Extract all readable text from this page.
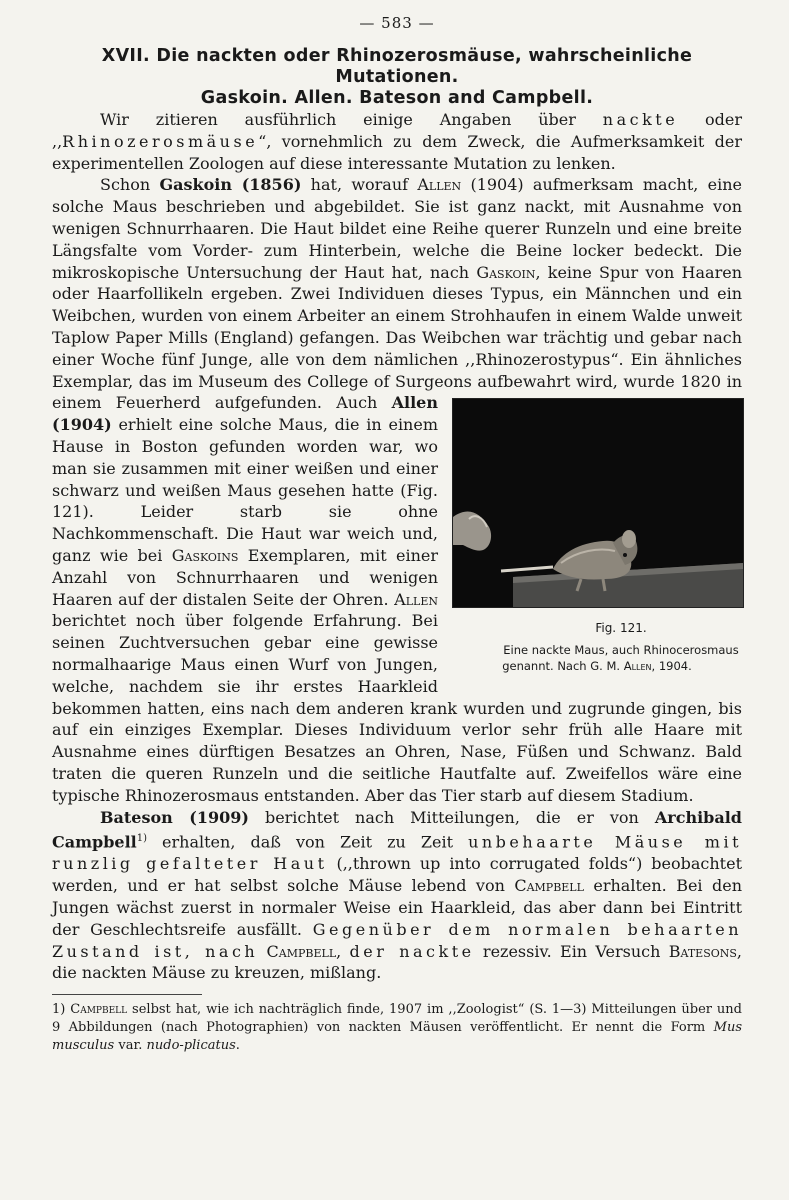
— 583 —
XVII. Die nackten oder Rhinozerosmäuse, wahrscheinliche Mutationen.
Gaskoin. Allen. Bateson and Campbell.

Wir zitieren ausführlich einige Angaben über nackte oder ,,Rhinozerosmäuse“, vornehmlich zu dem Zweck, die Aufmerksamkeit der experimentellen Zoologen auf diese interessante Mutation zu lenken.

Schon Gaskoin (1856) hat, worauf Allen (1904) aufmerksam macht, eine solche Maus beschrieben und abgebildet. Sie ist ganz nackt, mit Ausnahme von wenigen Schnurrhaaren. Die Haut bildet eine Reihe querer Runzeln und eine breite Längsfalte vom Vorder- zum Hinterbein, welche die Beine locker bedeckt. Die mikroskopische Untersuchung der Haut hat, nach Gaskoin, keine Spur von Haaren oder Haarfollikeln ergeben. Zwei Individuen dieses Typus, ein Männchen und ein Weibchen, wurden von einem Arbeiter an einem Strohhaufen in einem Walde unweit Taplow Paper Mills (England) gefangen. Das Weibchen war trächtig und gebar nach einer Woche fünf Junge, alle von dem nämlichen ,,Rhinozerostypus“. Ein ähnliches Exemplar, das im Museum des College of Surgeons aufbewahrt wird, wurde 1820 in einem Feuerherd aufgefunden. Auch
Fig. 121.
Eine nackte Maus, auch Rhinocerosmaus genannt. Nach G. M. Allen, 1904.
Allen (1904) erhielt eine solche Maus, die in einem Hause in Boston gefunden worden war, wo man sie zusammen mit einer weißen und einer schwarz und weißen Maus gesehen hatte (Fig. 121). Leider starb sie ohne Nachkommenschaft. Die Haut war weich und, ganz wie bei Gaskoins Exemplaren, mit einer Anzahl von Schnurrhaaren und wenigen Haaren auf der distalen Seite der Ohren. Allen berichtet noch über folgende Erfahrung. Bei seinen Zuchtversuchen gebar eine gewisse normalhaarige Maus einen Wurf von Jungen, welche, nachdem sie ihr erstes Haarkleid bekommen hatten, eins nach dem anderen krank wurden und zugrunde gingen, bis auf ein einziges Exemplar. Dieses Individuum verlor sehr früh alle Haare mit Ausnahme eines dürftigen Besatzes an Ohren, Nase, Füßen und Schwanz. Bald traten die queren Runzeln und die seitliche Hautfalte auf. Zweifellos wäre eine typische Rhinozerosmaus entstanden. Aber das Tier starb auf diesem Stadium.

Bateson (1909) berichtet nach Mitteilungen, die er von Archibald Campbell$^{1)}$ erhalten, daß von Zeit zu Zeit unbehaarte Mäuse mit runzlig gefalteter Haut (,,thrown up into corrugated folds“) beobachtet werden, und er hat selbst solche Mäuse lebend von Campbell erhalten. Bei den Jungen wächst zuerst in normaler Weise ein Haarkleid, das aber dann bei Eintritt der Geschlechtsreife ausfällt. Gegenüber dem normalen behaarten Zustand ist, nach Campbell, der nackte rezessiv. Ein Versuch Batesons, die nackten Mäuse zu kreuzen, mißlang.

1) Campbell selbst hat, wie ich nachträglich finde, 1907 im ,,Zoologist“ (S. 1—3) Mitteilungen über und 9 Abbildungen (nach Photographien) von nackten Mäusen veröffentlicht. Er nennt die Form Mus musculus var. nudo-plicatus.
